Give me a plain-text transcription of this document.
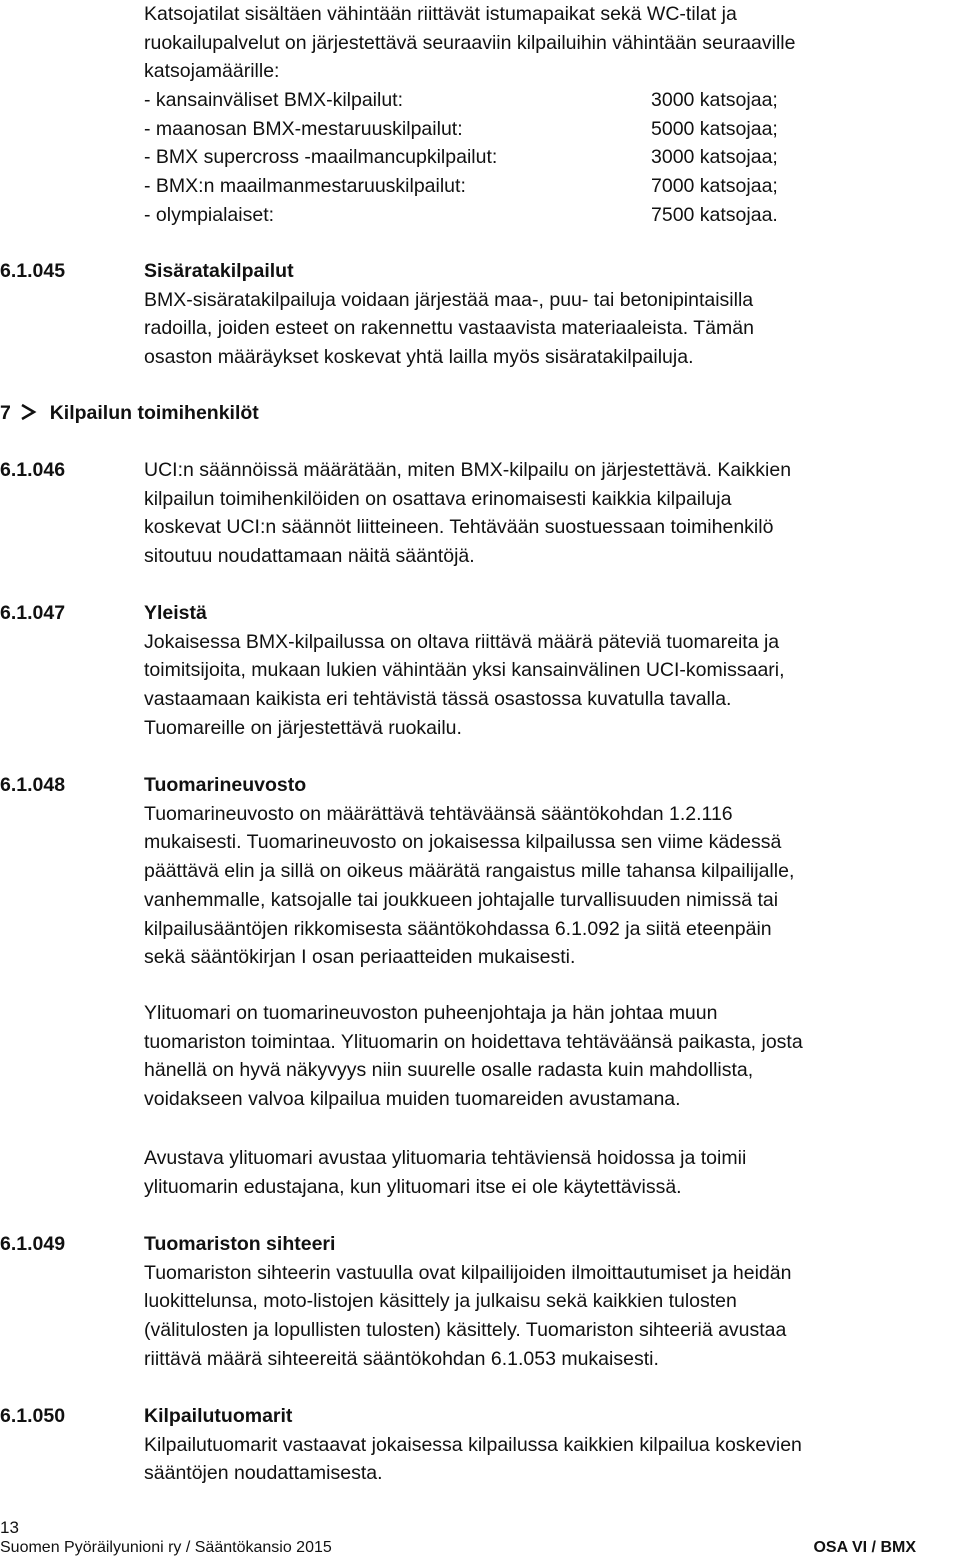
Katsojatilat sisältäen vähintään riittävät istumapaikat sekä WC-tilat ja

ruokailupalvelut on järjestettävä seuraaviin kilpailuihin vähintään seuraaville

katsojamäärille:

- kansainväliset BMX-kilpailut:	3000 katsojaa;
- maanosan BMX-mestaruuskilpailut:	5000 katsojaa;
- BMX supercross -maailmancupkilpailut:	3000 katsojaa;
- BMX:n maailmanmestaruuskilpailut:	7000 katsojaa;
- olympialaiset:	7500 katsojaa.
6.1.045	Sisäratakilpailut

BMX-sisäratakilpailuja voidaan järjestää maa-, puu- tai betonipintaisilla

radoilla, joiden esteet on rakennettu vastaavista materiaaleista. Tämän

osaston määräykset koskevat yhtä lailla myös sisäratakilpailuja.

7 Kilpailun toimihenkilöt
6.1.046	UCI:n säännöissä määrätään, miten BMX-kilpailu on järjestettävä. Kaikkien

kilpailun toimihenkilöiden on osattava erinomaisesti kaikkia kilpailuja

koskevat UCI:n säännöt liitteineen. Tehtävään suostuessaan toimihenkilö

sitoutuu noudattamaan näitä sääntöjä.

6.1.047	Yleistä

Jokaisessa BMX-kilpailussa on oltava riittävä määrä päteviä tuomareita ja

toimitsijoita, mukaan lukien vähintään yksi kansainvälinen UCI-komissaari,

vastaamaan kaikista eri tehtävistä tässä osastossa kuvatulla tavalla.

Tuomareille on järjestettävä ruokailu.

6.1.048	Tuomarineuvosto

Tuomarineuvosto on määrättävä tehtäväänsä sääntökohdan 1.2.116

mukaisesti. Tuomarineuvosto on jokaisessa kilpailussa sen viime kädessä

päättävä elin ja sillä on oikeus määrätä rangaistus mille tahansa kilpailijalle,

vanhemmalle, katsojalle tai joukkueen johtajalle turvallisuuden nimissä tai

kilpailusääntöjen rikkomisesta sääntökohdassa 6.1.092 ja siitä eteenpäin

sekä sääntökirjan I osan periaatteiden mukaisesti.

Ylituomari on tuomarineuvoston puheenjohtaja ja hän johtaa muun

tuomariston toimintaa. Ylituomarin on hoidettava tehtäväänsä paikasta, josta

hänellä on hyvä näkyvyys niin suurelle osalle radasta kuin mahdollista,

voidakseen valvoa kilpailua muiden tuomareiden avustamana.

Avustava ylituomari avustaa ylituomaria tehtäviensä hoidossa ja toimii

ylituomarin edustajana, kun ylituomari itse ei ole käytettävissä.

6.1.049	Tuomariston sihteeri

Tuomariston sihteerin vastuulla ovat kilpailijoiden ilmoittautumiset ja heidän

luokittelunsa, moto-listojen käsittely ja julkaisu sekä kaikkien tulosten

(välitulosten ja lopullisten tulosten) käsittely. Tuomariston sihteeriä avustaa

riittävä määrä sihteereitä sääntökohdan 6.1.053 mukaisesti.

6.1.050	Kilpailutuomarit

Kilpailutuomarit vastaavat jokaisessa kilpailussa kaikkien kilpailua koskevien

sääntöjen noudattamisesta.

13
Suomen Pyöräilyunioni ry / Sääntökansio 2015	OSA VI / BMX
